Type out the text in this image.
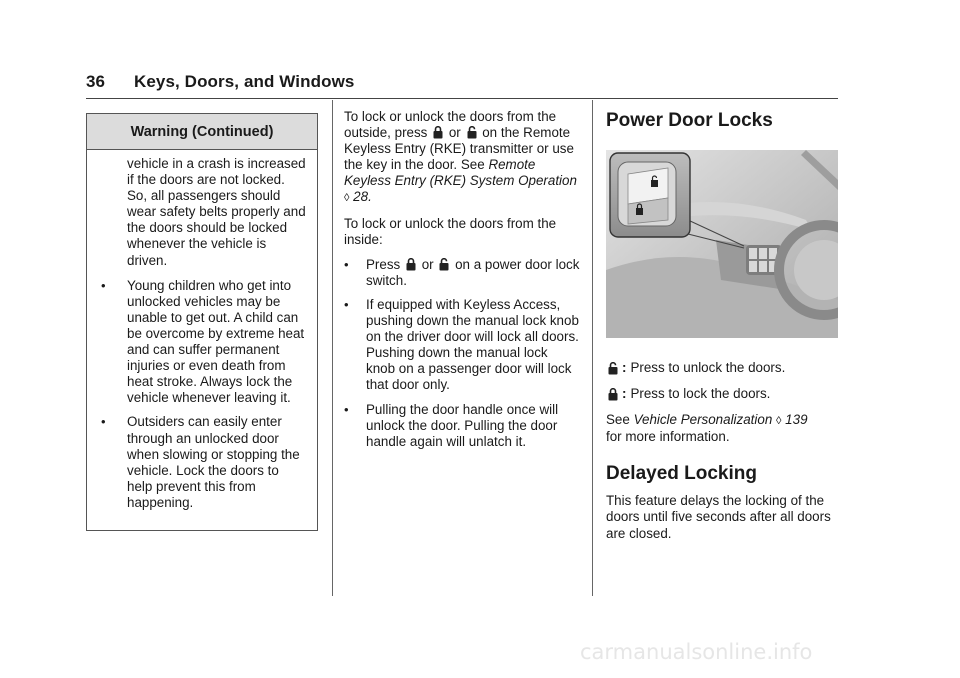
36 Keys, Doors, and Windows
Warning (Continued)

vehicle in a crash is increased if the doors are not locked. So, all passengers should wear safety belts properly and the doors should be locked whenever the vehicle is driven.

•	Young children who get into unlocked vehicles may be unable to get out. A child can be overcome by extreme heat and can suffer permanent injuries or even death from heat stroke. Always lock the vehicle whenever leaving it.
•	Outsiders can easily enter through an unlocked door when slowing or stopping the vehicle. Lock the doors to help prevent this from happening.

To lock or unlock the doors from the outside, press or on the Remote Keyless Entry (RKE) transmitter or use the key in the door. See Remote Keyless Entry (RKE) System Operation ◊ 28.

To lock or unlock the doors from the inside:

•	Press or on a power door lock switch.
•	If equipped with Keyless Access, pushing down the manual lock knob on the driver door will lock all doors. Pushing down the manual lock knob on a passenger door will lock that door only.
•	Pulling the door handle once will unlock the door. Pulling the door handle again will unlatch it.
Power Door Locks
: Press to unlock the doors.
: Press to lock the doors.

See Vehicle Personalization ◊ 139
for more information.

Delayed Locking

This feature delays the locking of the doors until five seconds after all doors are closed.

carmanualsonline.info
